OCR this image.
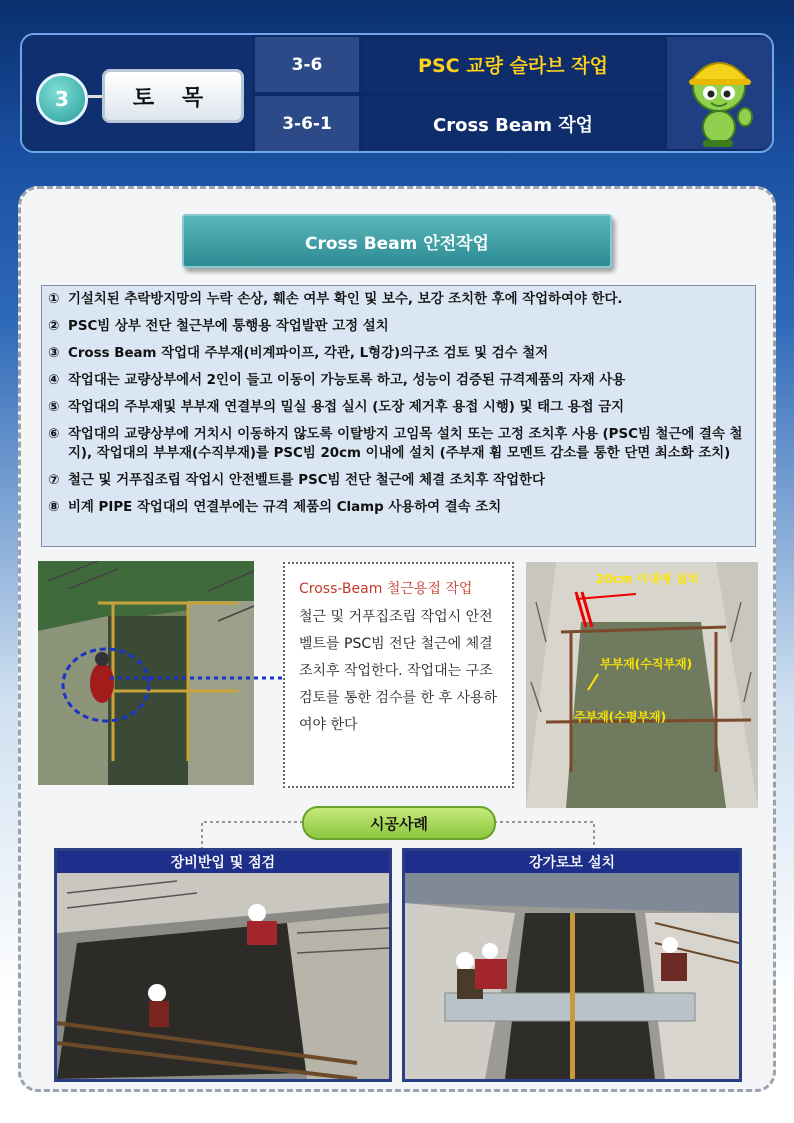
3	토 목
3-6
3-6-1
PSC 교량 슬라브 작업
Cross Beam 작업
Cross Beam 안전작업
① 기설치된 추락방지망의 누락 손상, 훼손 여부 확인 및 보수, 보강 조치한 후에 작업하여야 한다.
② PSC빔 상부 전단 철근부에 통행용 작업발판 고정 설치
③ Cross Beam 작업대 주부재(비계파이프, 각관, L형강)의구조 검토 및 검수 철저
④ 작업대는 교량상부에서 2인이 들고 이동이 가능토록 하고, 성능이 검증된 규격제품의 자재 사용
⑤ 작업대의 주부재및 부부재 연결부의 밀실 용접 실시 (도장 제거후 용접 시행) 및 태그 용접 금지
⑥ 작업대의 교량상부에 거치시 이동하지 않도록 이탈방지 고임목 설치 또는 고정 조치후 사용 (PSC빔 철근에 결속 철지), 작업대의 부부재(수직부재)를 PSC빔 20cm 이내에 설치 (주부재 휨 모멘트 감소를 통한 단면 최소화 조치)
⑦ 철근 및 거푸집조립 작업시 안전벨트를 PSC빔 전단 철근에 체결 조치후 작업한다
⑧ 비계 PIPE 작업대의 연결부에는 규격 제품의 Clamp 사용하여 결속 조치
Cross-Beam 철근용접 작업
철근 및 거푸집조립 작업시 안전벨트를 PSC빔 전단 철근에 체결 조치후 작업한다. 작업대는 구조검토를 통한 검수를 한 후 사용하여야 한다
20cm 이내에 설치
부부재(수직부재)
주부재(수평부재)
시공사례
장비반입 및 점검	강가로보 설치
